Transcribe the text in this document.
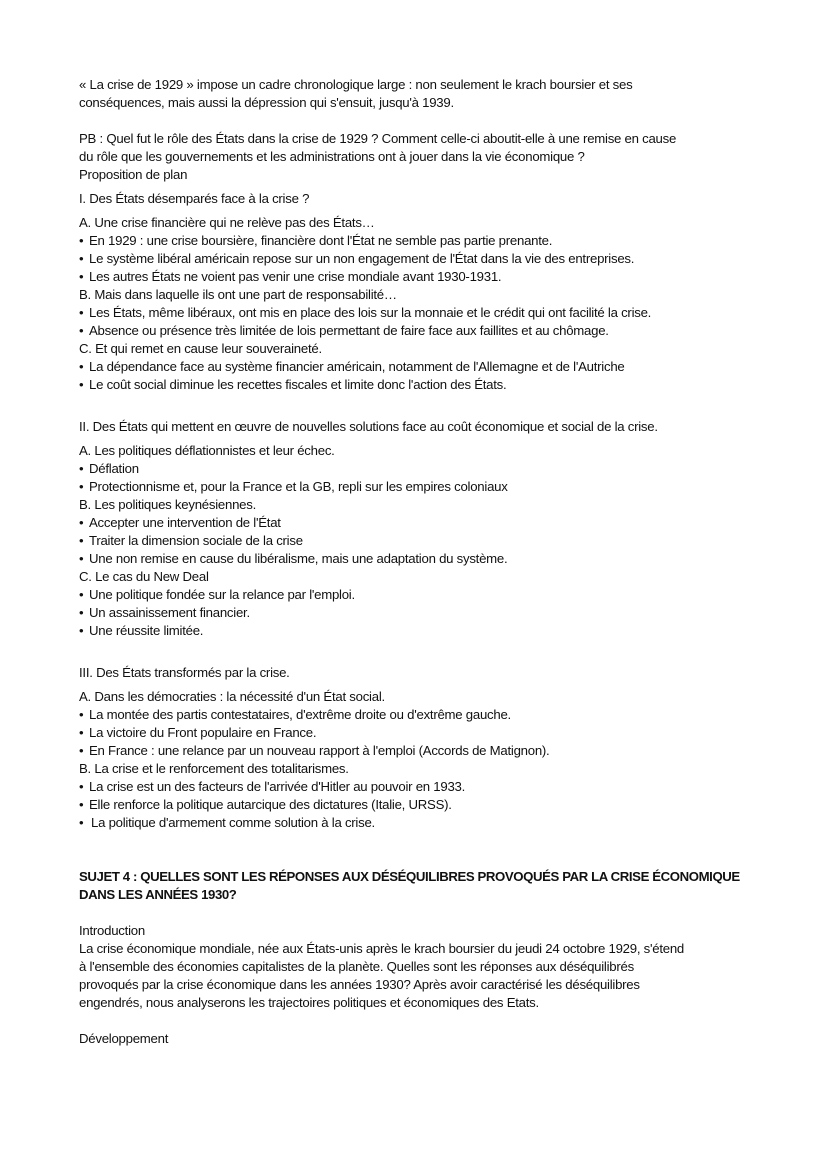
« La crise de 1929 » impose un cadre chronologique large : non seulement le krach boursier et ses
conséquences, mais aussi la dépression qui s'ensuit, jusqu'à 1939.

PB : Quel fut le rôle des États dans la crise de 1929 ? Comment celle-ci aboutit-elle à une remise en cause
du rôle que les gouvernements et les administrations ont à jouer dans la vie économique ?
Proposition de plan

I. Des États désemparés face à la crise ?

A. Une crise financière qui ne relève pas des États…

• En 1929 : une crise boursière, financière dont l'État ne semble pas partie prenante.

• Le système libéral américain repose sur un non engagement de l'État dans la vie des entreprises.

• Les autres États ne voient pas venir une crise mondiale avant 1930-1931.

B. Mais dans laquelle ils ont une part de responsabilité…

• Les États, même libéraux, ont mis en place des lois sur la monnaie et le crédit qui ont facilité la crise.

• Absence ou présence très limitée de lois permettant de faire face aux faillites et au chômage.

C. Et qui remet en cause leur souveraineté.

• La dépendance face au système financier américain, notamment de l'Allemagne et de l'Autriche

• Le coût social diminue les recettes fiscales et limite donc l'action des États.

II. Des États qui mettent en œuvre de nouvelles solutions face au coût économique et social de la crise.

A. Les politiques déflationnistes et leur échec.

• Déflation

• Protectionnisme et, pour la France et la GB, repli sur les empires coloniaux

B. Les politiques keynésiennes.

• Accepter une intervention de l'État

• Traiter la dimension sociale de la crise

• Une non remise en cause du libéralisme, mais une adaptation du système.

C. Le cas du New Deal

• Une politique fondée sur la relance par l'emploi.

• Un assainissement financier.

• Une réussite limitée.

III. Des États transformés par la crise.

A. Dans les démocraties : la nécessité d'un État social.

• La montée des partis contestataires, d'extrême droite ou d'extrême gauche.

• La victoire du Front populaire en France.

• En France : une relance par un nouveau rapport à l'emploi (Accords de Matignon).

B. La crise et le renforcement des totalitarismes.

• La crise est un des facteurs de l'arrivée d'Hitler au pouvoir en 1933.

• Elle renforce la politique autarcique des dictatures (Italie, URSS).

• La politique d'armement comme solution à la crise.

SUJET 4 : QUELLES SONT LES RÉPONSES AUX DÉSÉQUILIBRES PROVOQUÉS PAR LA CRISE ÉCONOMIQUE
DANS LES ANNÉES 1930?

Introduction

La crise économique mondiale, née aux États-unis après le krach boursier du jeudi 24 octobre 1929, s'étend
à l'ensemble des économies capitalistes de la planète. Quelles sont les réponses aux déséquilibrés
provoqués par la crise économique dans les années 1930? Après avoir caractérisé les déséquilibres
engendrés, nous analyserons les trajectoires politiques et économiques des Etats.

Développement
